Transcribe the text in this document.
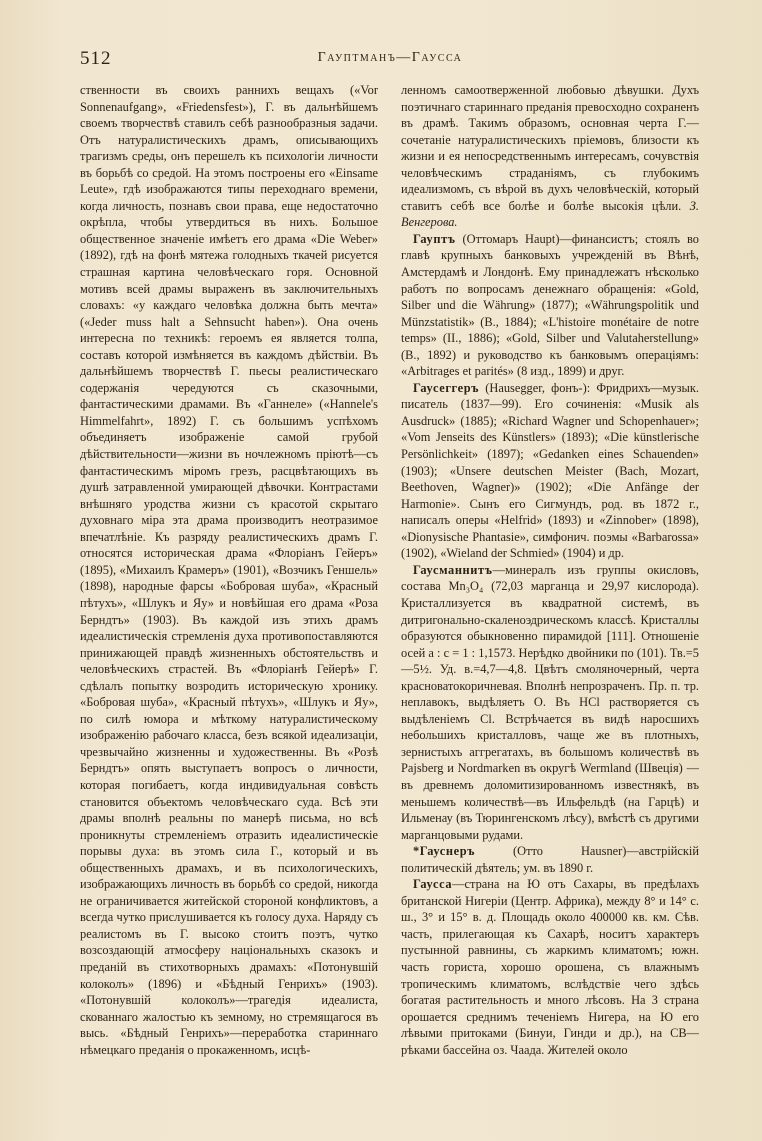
512	Гауптманъ—Гаусса

ственности въ своихъ раннихъ вещахъ («Vor Sonnenaufgang», «Friedensfest»), Г. въ дальнѣйшемъ своемъ творчествѣ ставилъ себѣ разнообразныя задачи. Отъ натуралистическихъ драмъ, описывающихъ трагизмъ среды, онъ перешелъ къ психологіи личности въ борьбѣ со средой. На этомъ построены его «Einsame Leute», гдѣ изображаются типы переходнаго времени, когда личность, познавъ свои права, еще недостаточно окрѣпла, чтобы утвердиться въ нихъ. Большое общественное значеніе имѣетъ его драма «Die Weber» (1892), гдѣ на фонѣ мятежа голодныхъ ткачей рисуется страшная картина человѣческаго горя. Основной мотивъ всей драмы выраженъ въ заключительныхъ словахъ: «у каждаго человѣка должна быть мечта» («Jeder muss halt a Sehnsucht haben»). Она очень интересна по техникѣ: героемъ ея является толпа, составъ которой измѣняется въ каждомъ дѣйствіи. Въ дальнѣйшемъ творчествѣ Г. пьесы реалистическаго содержанія чередуются съ сказочными, фантастическими драмами. Въ «Ганнеле» («Hannele's Himmelfahrt», 1892) Г. съ большимъ успѣхомъ объединяетъ изображеніе самой грубой дѣйствительности—жизни въ ночлежномъ пріютѣ—съ фантастическимъ міромъ грезъ, расцвѣтающихъ въ душѣ затравленной умирающей дѣвочки. Контрастами внѣшняго уродства жизни съ красотой скрытаго духовнаго міра эта драма производитъ неотразимое впечатлѣніе. Къ разряду реалистическихъ драмъ Г. относятся историческая драма «Флоріанъ Гейеръ» (1895), «Михаилъ Крамеръ» (1901), «Возчикъ Геншель» (1898), народные фарсы «Бобровая шуба», «Красный пѣтухъ», «Шлукъ и Яу» и новѣйшая его драма «Роза Берндтъ» (1903). Въ каждой изъ этихъ драмъ идеалистическія стремленія духа противопоставляются принижающей правдѣ жизненныхъ обстоятельствъ и человѣческихъ страстей. Въ «Флоріанѣ Гейерѣ» Г. сдѣлалъ попытку возродить историческую хронику. «Бобровая шуба», «Красный пѣтухъ», «Шлукъ и Яу», по силѣ юмора и мѣткому натуралистическому изображенію рабочаго класса, безъ всякой идеализаціи, чрезвычайно жизненны и художественны. Въ «Розѣ Берндтъ» опять выступаетъ вопросъ о личности, которая погибаетъ, когда индивидуальная совѣсть становится объектомъ человѣческаго суда. Всѣ эти драмы вполнѣ реальны по манерѣ письма, но всѣ проникнуты стремленіемъ отразить идеалистическіе порывы духа: въ этомъ сила Г., который и въ общественныхъ драмахъ, и въ психологическихъ, изображающихъ личность въ борьбѣ со средой, никогда не ограничивается житейской стороной конфликтовъ, а всегда чутко прислушивается къ голосу духа. Наряду съ реалистомъ въ Г. высоко стоитъ поэтъ, чутко возсоздающій атмосферу національныхъ сказокъ и преданій въ стихотворныхъ драмахъ: «Потонувшій колоколъ» (1896) и «Бѣдный Генрихъ» (1903). «Потонувшій колоколъ»—трагедія идеалиста, скованнаго жалостью къ земному, но стремящагося въ высь. «Бѣдный Генрихъ»—переработка стариннаго нѣмецкаго преданія о прокаженномъ, исцѣ-

ленномъ самоотверженной любовью дѣвушки. Духъ поэтичнаго стариннаго преданія превосходно сохраненъ въ драмѣ. Такимъ образомъ, основная черта Г.—сочетаніе натуралистическихъ пріемовъ, близости къ жизни и ея непосредственнымъ интересамъ, сочувствія человѣческимъ страданіямъ, съ глубокимъ идеализмомъ, съ вѣрой въ духъ человѣческій, который ставитъ себѣ все болѣе и болѣе высокія цѣли. З. Венгерова.

Гауптъ (Оттомаръ Haupt)—финансистъ; стоялъ во главѣ крупныхъ банковыхъ учрежденій въ Вѣнѣ, Амстердамѣ и Лондонѣ. Ему принадлежатъ нѣсколько работъ по вопросамъ денежнаго обращенія: «Gold, Silber und die Währung» (1877); «Währungspolitik und Münzstatistik» (B., 1884); «L'histoire monétaire de notre temps» (II., 1886); «Gold, Silber und Valutaherstellung» (B., 1892) и руководство къ банковымъ операціямъ: «Arbitrages et parités» (8 изд., 1899) и друг.

Гаусеггеръ (Hausegger, фонъ-): Фридрихъ—музык. писатель (1837—99). Его сочиненія: «Musik als Ausdruck» (1885); «Richard Wagner und Schopenhauer»; «Vom Jenseits des Künstlers» (1893); «Die künstlerische Persönlichkeit» (1897); «Gedanken eines Schauenden» (1903); «Unsere deutschen Meister (Bach, Mozart, Beethoven, Wagner)» (1902); «Die Anfänge der Harmonie». Сынъ его Сигмундъ, род. въ 1872 г., написалъ оперы «Helfrid» (1893) и «Zinnober» (1898), «Dionysische Phantasie», симфонич. поэмы «Barbarossa» (1902), «Wieland der Schmied» (1904) и др.

Гаусманнитъ—минералъ изъ группы окисловъ, состава Mn₃O₄ (72,03 марганца и 29,97 кислорода). Кристаллизуется въ квадратной системѣ, въ дитригонально-скаленоэдрическомъ классѣ. Кристаллы образуются обыкновенно пирамидой [111]. Отношеніе осей a : c = 1 : 1,1573. Нерѣдко двойники по (101). Тв.=5—5½. Уд. в.=4,7—4,8. Цвѣтъ смоляночерный, черта красноватокоричневая. Вполнѣ непрозраченъ. Пр. п. тр. неплавокъ, выдѣляетъ O. Въ HCl растворяется съ выдѣленіемъ Cl. Встрѣчается въ видѣ наросшихъ небольшихъ кристалловъ, чаще же въ плотныхъ, зернистыхъ аггрегатахъ, въ большомъ количествѣ въ Pajsberg и Nordmarken въ округѣ Wermland (Швеція) — въ древнемъ доломитизированномъ известнякѣ, въ меньшемъ количествѣ—въ Ильфельдѣ (на Гарцѣ) и Ильменау (въ Тюрингенскомъ лѣсу), вмѣстѣ съ другими марганцовыми рудами.

*Гауснеръ	(Отто Hausner)—австрійскій политическій дѣятель; ум. въ 1890 г.

Гаусса—страна на Ю отъ Сахары, въ предѣлахъ британской Нигеріи (Центр. Африка), между 8° и 14° с. ш., 3° и 15° в. д. Площадь около 400000 кв. км. Сѣв. часть, прилегающая къ Сахарѣ, носитъ характеръ пустынной равнины, съ жаркимъ климатомъ; южн. часть гориста, хорошо орошена, съ влажнымъ тропическимъ климатомъ, вслѣдствіе чего здѣсь богатая растительность и много лѣсовъ. На З страна орошается среднимъ теченіемъ Нигера, на Ю его лѣвыми притоками (Бинуи, Гинди и др.), на СВ—рѣками бассейна оз. Чаада. Жителей около
